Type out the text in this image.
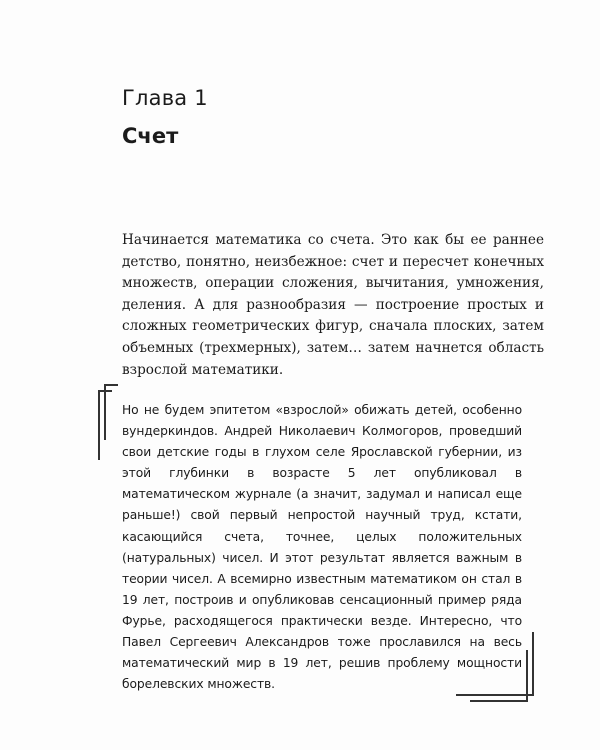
Глава 1
Счет

Начинается математика со счета. Это как бы ее раннее детство, понятно, неизбежное: счет и пересчет конечных множеств, операции сложения, вычитания, умножения, деления. А для разнообразия — построение простых и сложных геометрических фигур, сначала плоских, затем объемных (трехмерных), затем… затем начнется область взрослой математики.

Но не будем эпитетом «взрослой» обижать детей, особенно вундеркиндов. Андрей Николаевич Колмогоров, проведший свои детские годы в глухом селе Ярославской губернии, из этой глубинки в возрасте 5 лет опубликовал в математическом журнале (а значит, задумал и написал еще раньше!) свой первый непростой научный труд, кстати, касающийся счета, точнее, целых положительных (натуральных) чисел. И этот результат является важным в теории чисел. А всемирно известным математиком он стал в 19 лет, построив и опубликовав сенсационный пример ряда Фурье, расходящегося практически везде. Интересно, что Павел Сергеевич Александров тоже прославился на весь математический мир в 19 лет, решив проблему мощности борелевских множеств.
